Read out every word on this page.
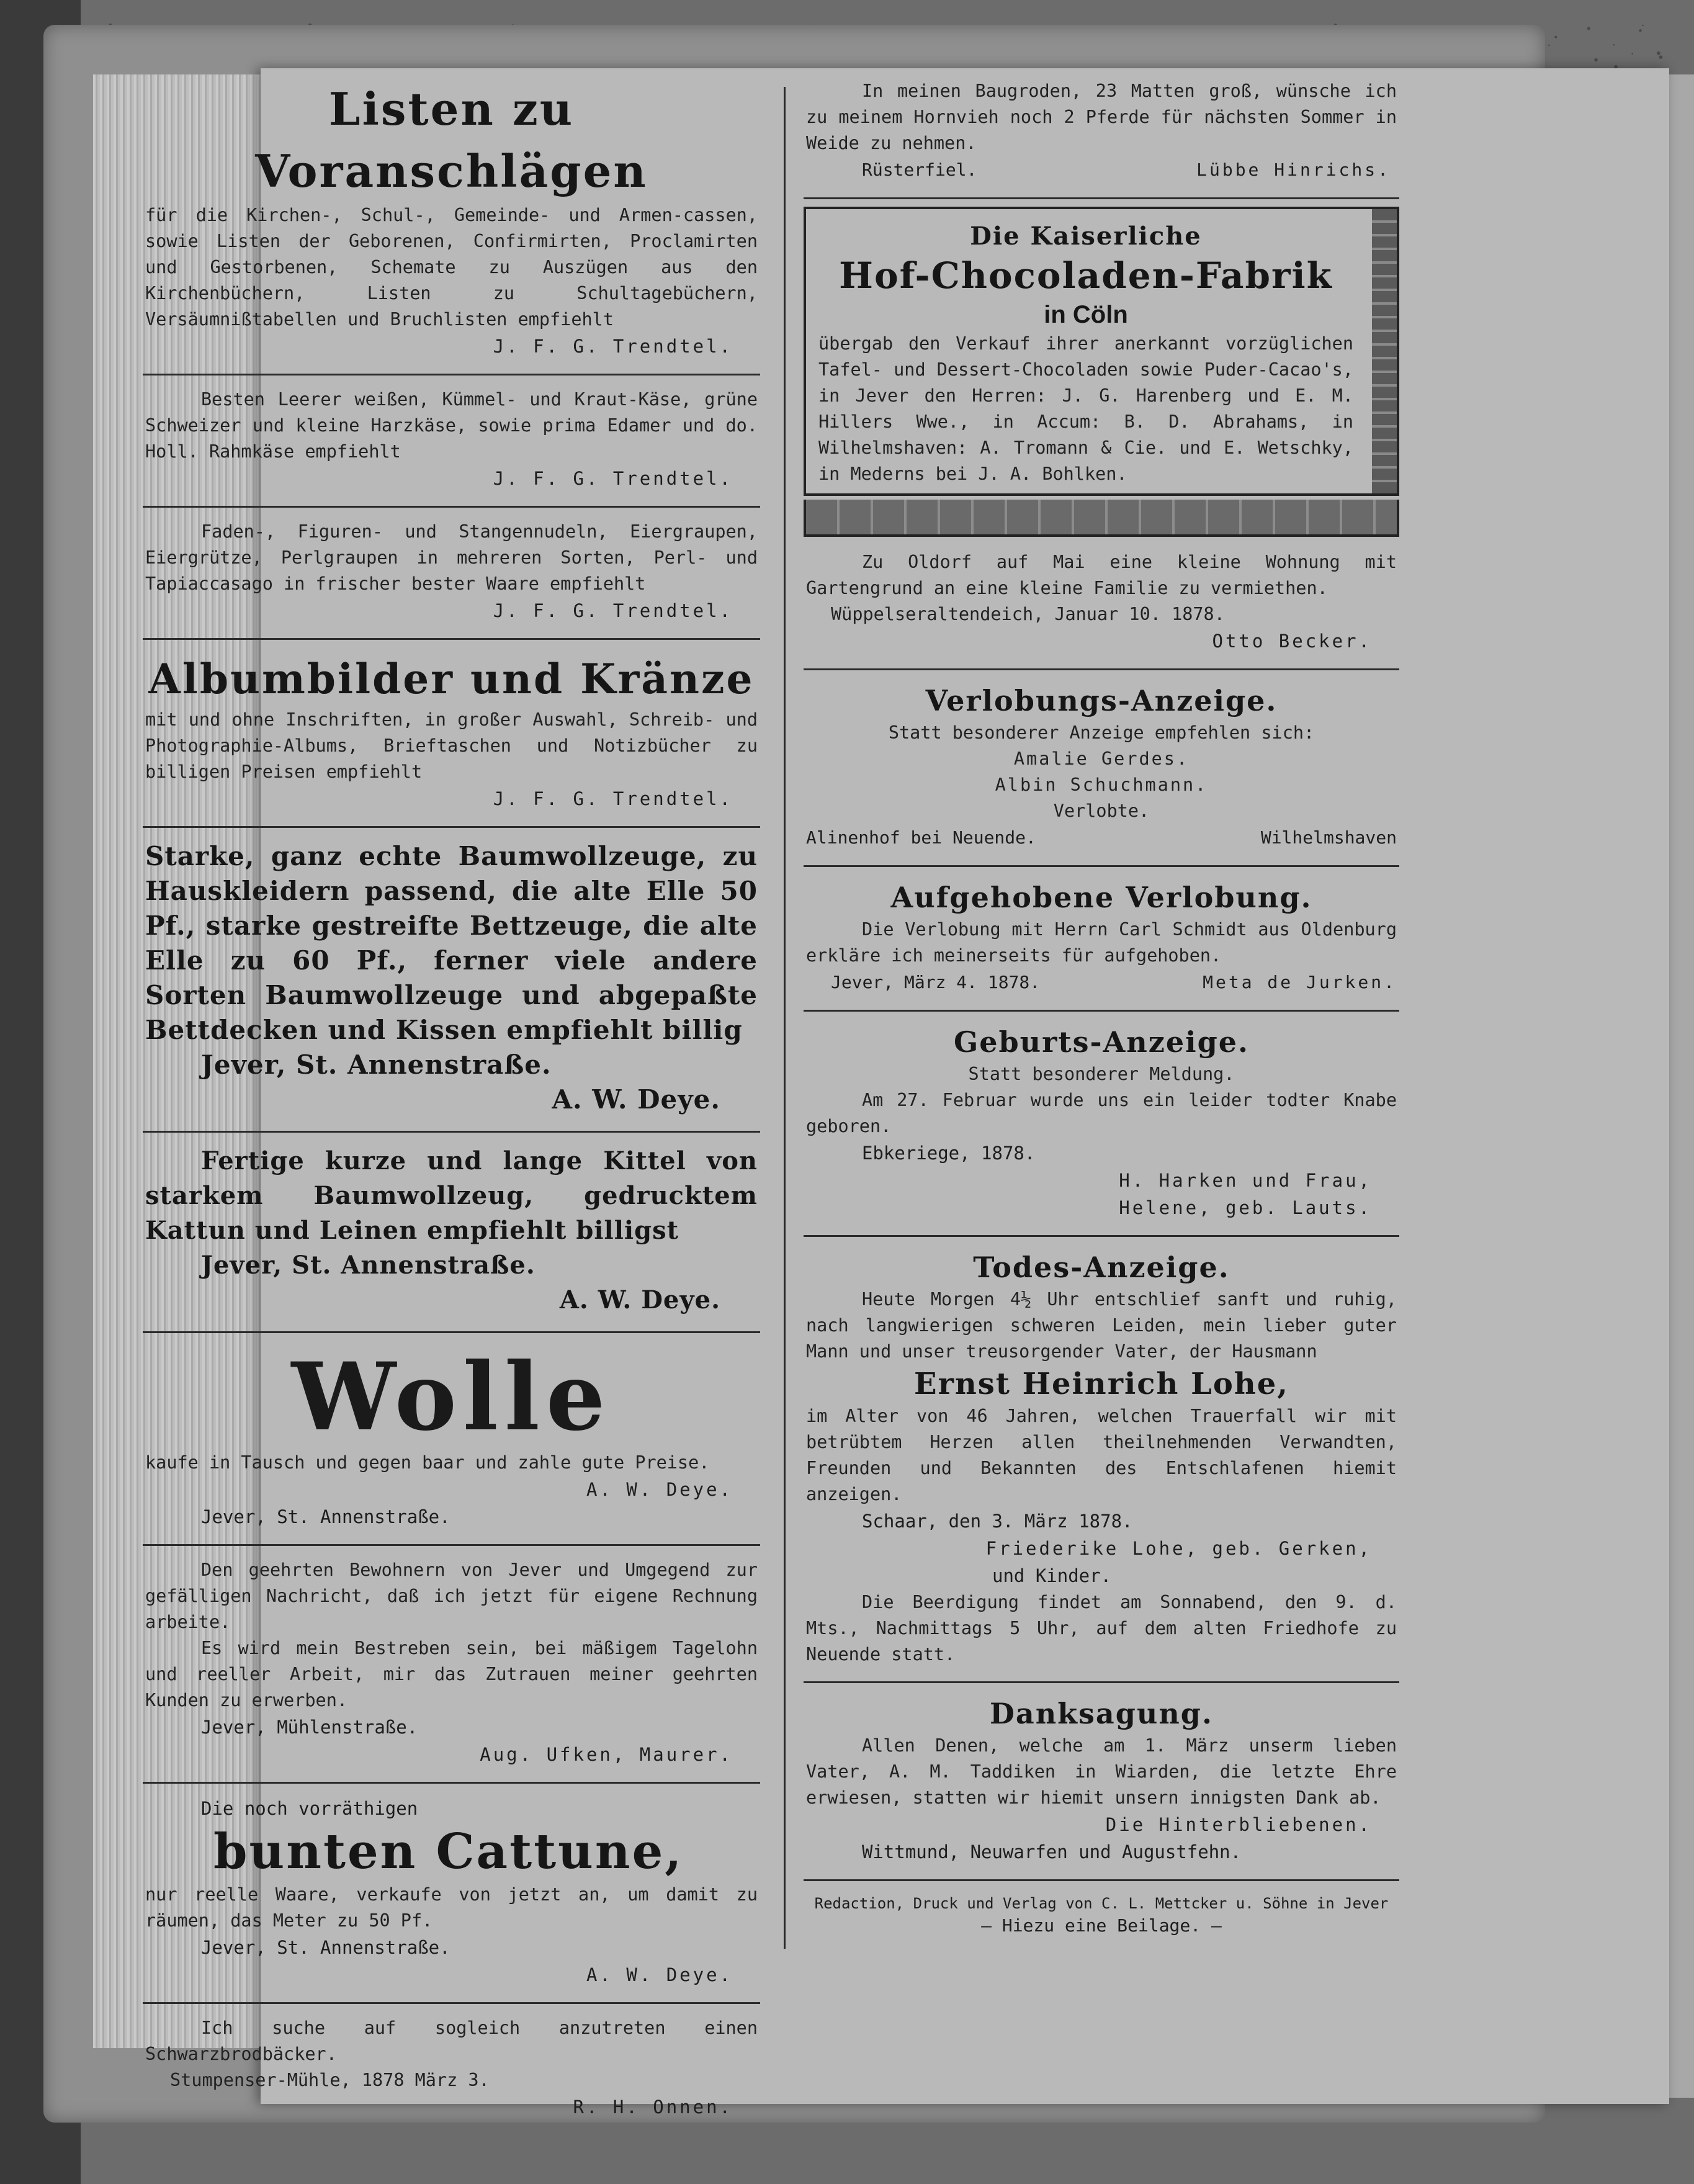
Listen zu Voranschlägen

für die Kirchen-, Schul-, Gemeinde- und Armen-cassen, sowie Listen der Geborenen, Confirmirten, Proclamirten und Gestorbenen, Schemate zu Auszügen aus den Kirchenbüchern, Listen zu Schultagebüchern, Versäumnißtabellen und Bruchlisten empfiehlt

J. F. G. Trendtel.

Besten Leerer weißen, Kümmel- und Kraut-Käse, grüne Schweizer und kleine Harzkäse, sowie prima Edamer und do. Holl. Rahmkäse empfiehlt

J. F. G. Trendtel.

Faden-, Figuren- und Stangennudeln, Eiergraupen, Eiergrütze, Perlgraupen in mehreren Sorten, Perl- und Tapiaccasago in frischer bester Waare empfiehlt

J. F. G. Trendtel.

Albumbilder und Kränze

mit und ohne Inschriften, in großer Auswahl, Schreib- und Photographie-Albums, Brieftaschen und Notizbücher zu billigen Preisen empfiehlt

J. F. G. Trendtel.

Starke, ganz echte Baumwollzeuge, zu Hauskleidern passend, die alte Elle 50 Pf., starke gestreifte Bettzeuge, die alte Elle zu 60 Pf., ferner viele andere Sorten Baumwollzeuge und abgepaßte Bettdecken und Kissen empfiehlt billig

Jever, St. Annenstraße.

A. W. Deye.

Fertige kurze und lange Kittel von starkem Baumwollzeug, gedrucktem Kattun und Leinen empfiehlt billigst

Jever, St. Annenstraße.

A. W. Deye.

Wolle

kaufe in Tausch und gegen baar und zahle gute Preise.

A. W. Deye.

Jever, St. Annenstraße.

Den geehrten Bewohnern von Jever und Umgegend zur gefälligen Nachricht, daß ich jetzt für eigene Rechnung arbeite.

Es wird mein Bestreben sein, bei mäßigem Tagelohn und reeller Arbeit, mir das Zutrauen meiner geehrten Kunden zu erwerben.

Jever, Mühlenstraße.

Aug. Ufken, Maurer.

Die noch vorräthigen

bunten Cattune,

nur reelle Waare, verkaufe von jetzt an, um damit zu räumen, das Meter zu 50 Pf.

Jever, St. Annenstraße.

A. W. Deye.

Ich suche auf sogleich anzutreten einen Schwarzbrodbäcker.

Stumpenser-Mühle, 1878 März 3.

R. H. Onnen.

In meinen Baugroden, 23 Matten groß, wünsche ich zu meinem Hornvieh noch 2 Pferde für nächsten Sommer in Weide zu nehmen.

Rüsterfiel.	Lübbe Hinrichs.

Die Kaiserliche

Hof-Chocoladen-Fabrik

in Cöln

übergab den Verkauf ihrer anerkannt vorzüglichen Tafel- und Dessert-Chocoladen sowie Puder-Cacao's, in Jever den Herren: J. G. Harenberg und E. M. Hillers Wwe., in Accum: B. D. Abrahams, in Wilhelmshaven: A. Tromann & Cie. und E. Wetschky, in Mederns bei J. A. Bohlken.

Zu Oldorf auf Mai eine kleine Wohnung mit Gartengrund an eine kleine Familie zu vermiethen.

Wüppelseraltendeich, Januar 10. 1878.

Otto Becker.

Verlobungs-Anzeige.

Statt besonderer Anzeige empfehlen sich:

Amalie Gerdes.

Albin Schuchmann.

Verlobte.

Alinenhof bei Neuende.	Wilhelmshaven

Aufgehobene Verlobung.

Die Verlobung mit Herrn Carl Schmidt aus Oldenburg erkläre ich meinerseits für aufgehoben.

Jever, März 4. 1878.	Meta de Jurken.

Geburts-Anzeige.

Statt besonderer Meldung.

Am 27. Februar wurde uns ein leider todter Knabe geboren.

Ebkeriege, 1878.

H. Harken und Frau,

Helene, geb. Lauts.

Todes-Anzeige.

Heute Morgen 4½ Uhr entschlief sanft und ruhig, nach langwierigen schweren Leiden, mein lieber guter Mann und unser treusorgender Vater, der Hausmann

Ernst Heinrich Lohe,

im Alter von 46 Jahren, welchen Trauerfall wir mit betrübtem Herzen allen theilnehmenden Verwandten, Freunden und Bekannten des Entschlafenen hiemit anzeigen.

Schaar, den 3. März 1878.

Friederike Lohe, geb. Gerken,

und Kinder.

Die Beerdigung findet am Sonnabend, den 9. d. Mts., Nachmittags 5 Uhr, auf dem alten Friedhofe zu Neuende statt.

Danksagung.

Allen Denen, welche am 1. März unserm lieben Vater, A. M. Taddiken in Wiarden, die letzte Ehre erwiesen, statten wir hiemit unsern innigsten Dank ab.

Die Hinterbliebenen.

Wittmund, Neuwarfen und Augustfehn.

Redaction, Druck und Verlag von C. L. Mettcker u. Söhne in Jever

— Hiezu eine Beilage. —
